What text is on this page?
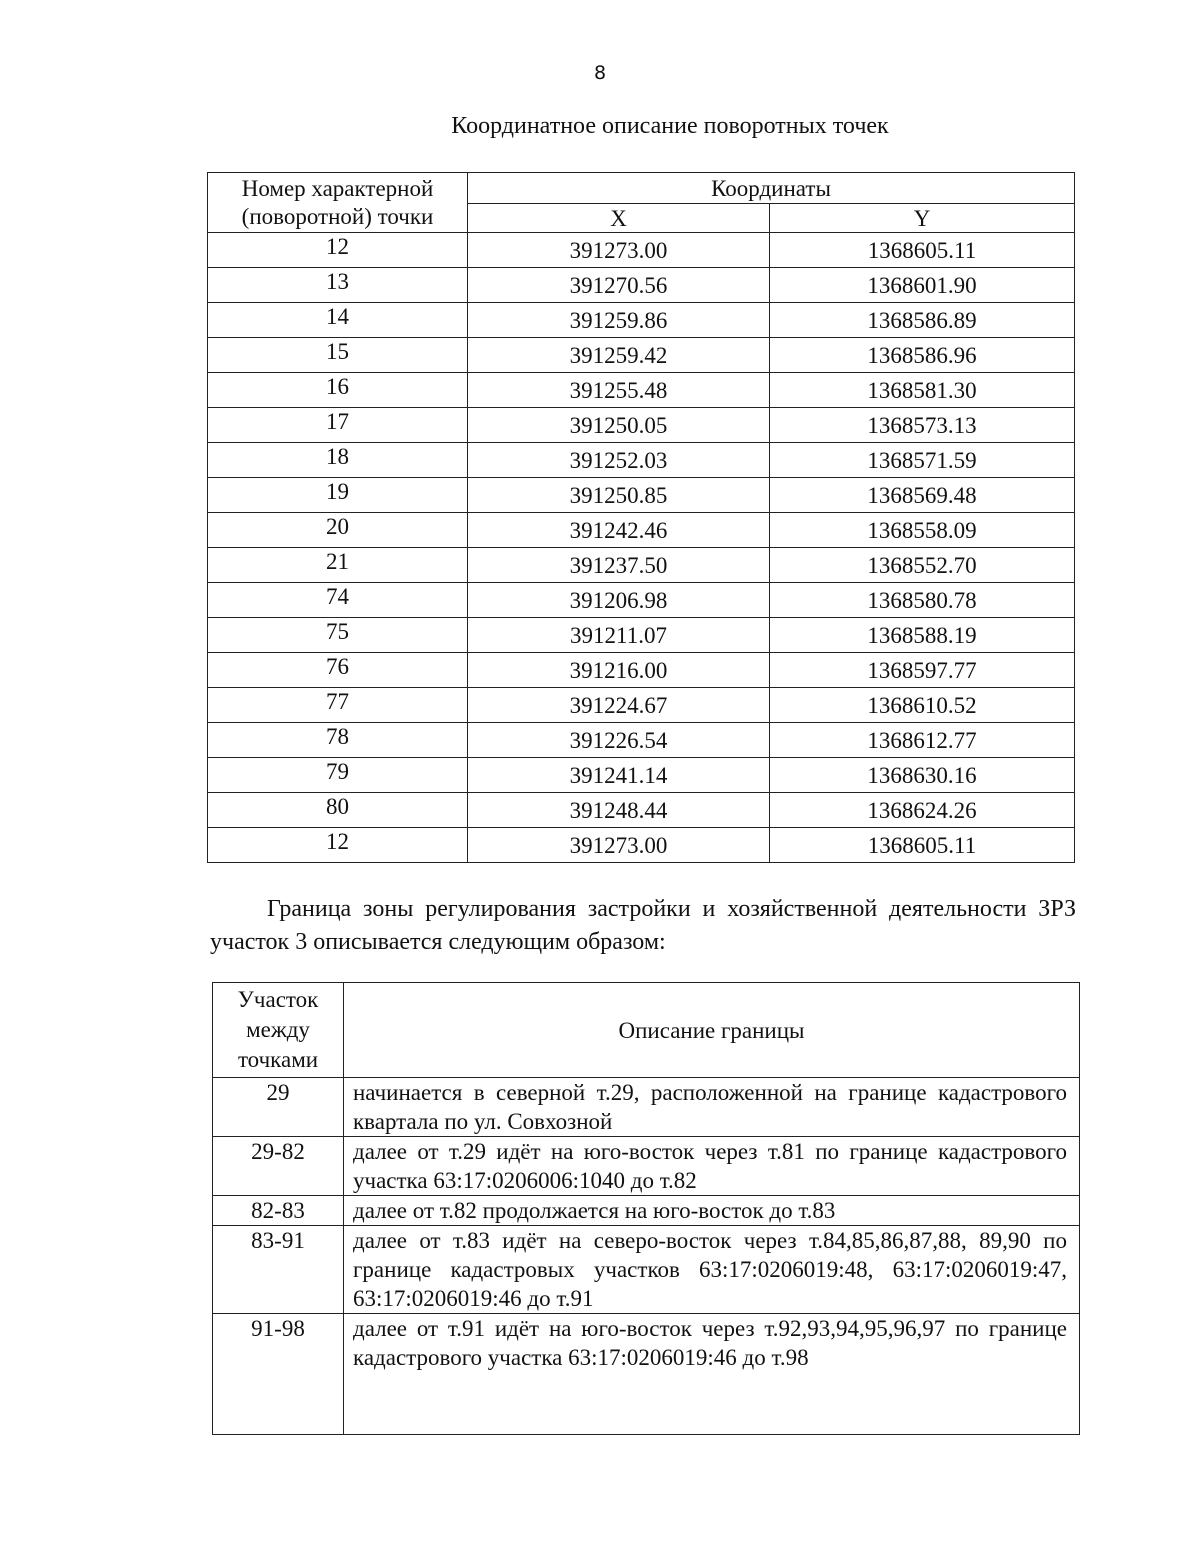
8
Координатное описание поворотных точек
Номер характерной
(поворотной) точки	Координаты	
	X	Y
12	391273.00	1368605.11
13	391270.56	1368601.90
14	391259.86	1368586.89
15	391259.42	1368586.96
16	391255.48	1368581.30
17	391250.05	1368573.13
18	391252.03	1368571.59
19	391250.85	1368569.48
20	391242.46	1368558.09
21	391237.50	1368552.70
74	391206.98	1368580.78
75	391211.07	1368588.19
76	391216.00	1368597.77
77	391224.67	1368610.52
78	391226.54	1368612.77
79	391241.14	1368630.16
80	391248.44	1368624.26
12	391273.00	1368605.11
Граница зоны регулирования застройки и хозяйственной деятельности ЗРЗ участок 3 описывается следующим образом:
Участок
между
точками	Описание границы
29	начинается в северной т.29, расположенной на границе кадастрового квартала по ул. Совхозной
29-82	далее от т.29 идёт на юго-восток через т.81 по границе кадастрового участка 63:17:0206006:1040 до т.82
82-83	далее от т.82 продолжается на юго-восток до т.83
83-91	далее от т.83 идёт на северо-восток через т.84,85,86,87,88, 89,90 по границе кадастровых участков 63:17:0206019:48, 63:17:0206019:47, 63:17:0206019:46 до т.91
91-98	далее от т.91 идёт на юго-восток через т.92,93,94,95,96,97 по границе кадастрового участка 63:17:0206019:46 до т.98
